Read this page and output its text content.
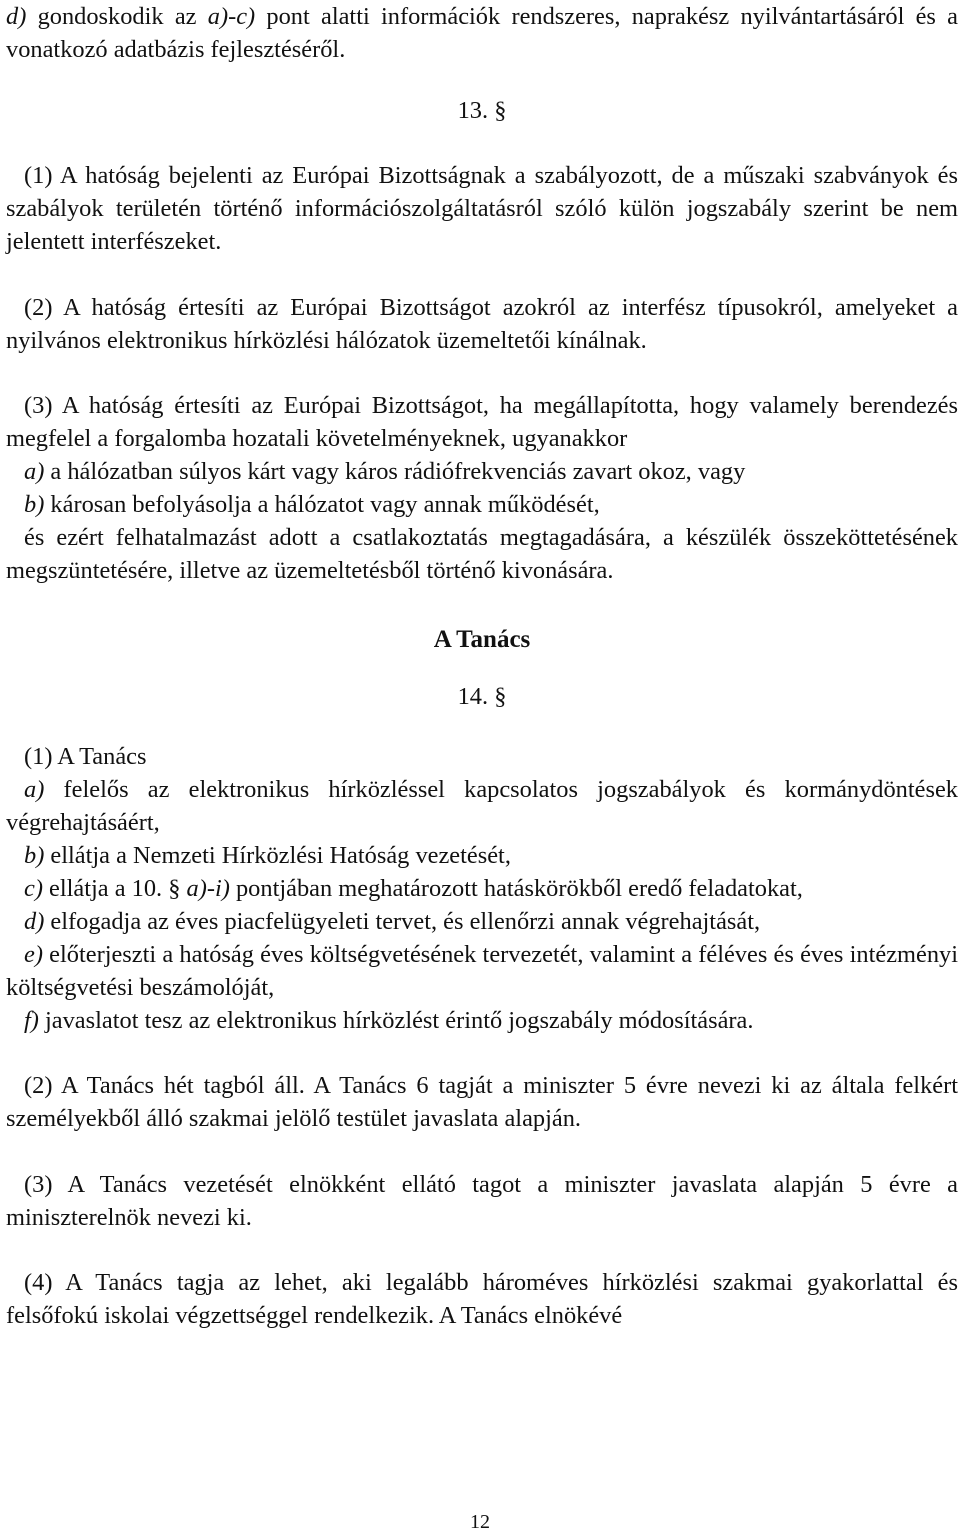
d) gondoskodik az a)-c) pont alatti információk rendszeres, naprakész nyilvántartásáról és a vonatkozó adatbázis fejlesztéséről.

13. §

(1) A hatóság bejelenti az Európai Bizottságnak a szabályozott, de a műszaki szabványok és szabályok területén történő információszolgáltatásról szóló külön jogszabály szerint be nem jelentett interfészeket.

(2) A hatóság értesíti az Európai Bizottságot azokról az interfész típusokról, amelyeket a nyilvános elektronikus hírközlési hálózatok üzemeltetői kínálnak.

(3) A hatóság értesíti az Európai Bizottságot, ha megállapította, hogy valamely berendezés megfelel a forgalomba hozatali követelményeknek, ugyanakkor

a) a hálózatban súlyos kárt vagy káros rádiófrekvenciás zavart okoz, vagy

b) károsan befolyásolja a hálózatot vagy annak működését,

és ezért felhatalmazást adott a csatlakoztatás megtagadására, a készülék összeköttetésének megszüntetésére, illetve az üzemeltetésből történő kivonására.

A Tanács

14. §

(1) A Tanács

a) felelős az elektronikus hírközléssel kapcsolatos jogszabályok és kormánydöntések végrehajtásáért,

b) ellátja a Nemzeti Hírközlési Hatóság vezetését,

c) ellátja a 10. § a)-i) pontjában meghatározott hatáskörökből eredő feladatokat,

d) elfogadja az éves piacfelügyeleti tervet, és ellenőrzi annak végrehajtását,

e) előterjeszti a hatóság éves költségvetésének tervezetét, valamint a féléves és éves intézményi költségvetési beszámolóját,

f) javaslatot tesz az elektronikus hírközlést érintő jogszabály módosítására.

(2) A Tanács hét tagból áll. A Tanács 6 tagját a miniszter 5 évre nevezi ki az általa felkért személyekből álló szakmai jelölő testület javaslata alapján.

(3) A Tanács vezetését elnökként ellátó tagot a miniszter javaslata alapján 5 évre a miniszterelnök nevezi ki.

(4) A Tanács tagja az lehet, aki legalább hároméves hírközlési szakmai gyakorlattal és felsőfokú iskolai végzettséggel rendelkezik. A Tanács elnökévé

12
